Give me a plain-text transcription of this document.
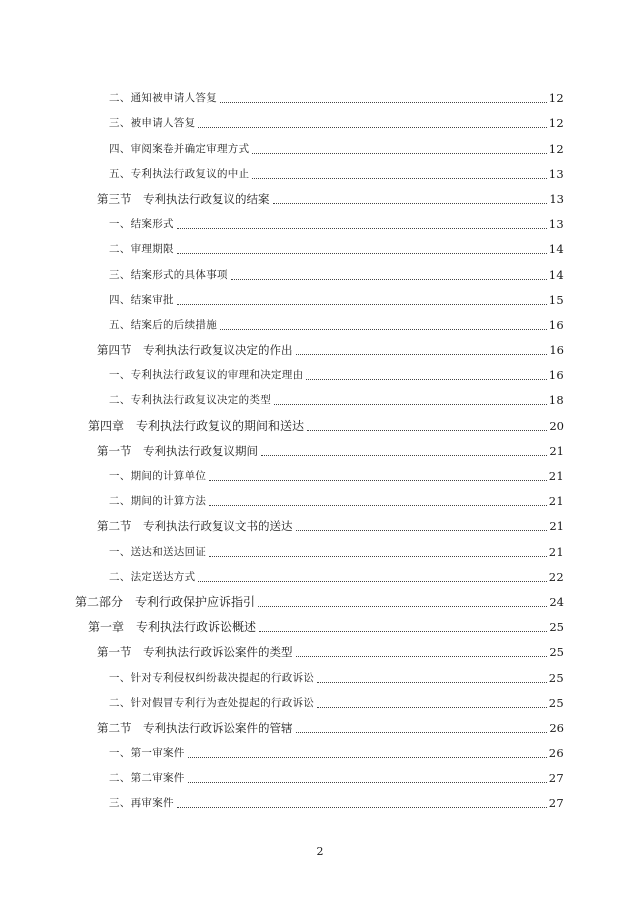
二、通知被申请人答复	12
三、被申请人答复	12
四、审阅案卷并确定审理方式	12
五、专利执法行政复议的中止	13
第三节　专利执法行政复议的结案	13
一、结案形式	13
二、审理期限	14
三、结案形式的具体事项	14
四、结案审批	15
五、结案后的后续措施	16
第四节　专利执法行政复议决定的作出	16
一、专利执法行政复议的审理和决定理由	16
二、专利执法行政复议决定的类型	18
第四章　专利执法行政复议的期间和送达	20
第一节　专利执法行政复议期间	21
一、期间的计算单位	21
二、期间的计算方法	21
第二节　专利执法行政复议文书的送达	21
一、送达和送达回证	21
二、法定送达方式	22
第二部分　专利行政保护应诉指引	24
第一章　专利执法行政诉讼概述	25
第一节　专利执法行政诉讼案件的类型	25
一、针对专利侵权纠纷裁决提起的行政诉讼	25
二、针对假冒专利行为查处提起的行政诉讼	25
第二节　专利执法行政诉讼案件的管辖	26
一、第一审案件	26
二、第二审案件	27
三、再审案件	27
2
